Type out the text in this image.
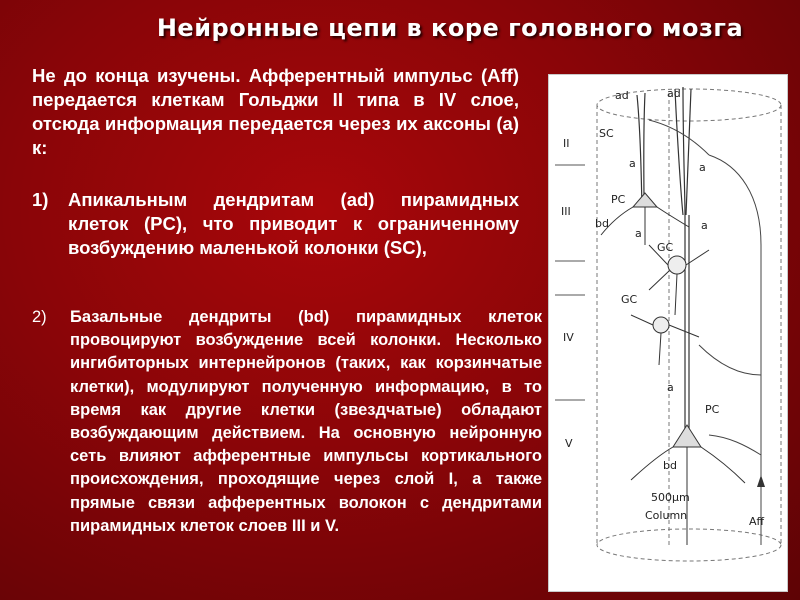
Нейронные цепи в коре головного мозга

Не до конца изучены. Афферентный импульс (Aff) передается клеткам Гольджи II типа в IV слое, отсюда информация передается через их аксоны (a) к:

1)	Апикальным дендритам (ad) пирамидных клеток (PC), что приводит к ограниченному возбуждению маленькой колонки (SC),
2)	Базальные дендриты (bd) пирамидных клеток провоцируют возбуждение всей колонки. Несколько ингибиторных интернейронов (таких, как корзинчатые клетки), модулируют полученную информацию, в то время как другие клетки (звездчатые) обладают возбуждающим действием. На основную нейронную сеть влияют афферентные импульсы кортикального происхождения, проходящие через слой I, а также прямые связи афферентных волокон с дендритами пирамидных клеток слоев III и V.
II
III
IV
V
ad	ad
SC
PC
bd
a	a
a
a
a
GC
GC
PC
bd
500µm
Column	Aff
